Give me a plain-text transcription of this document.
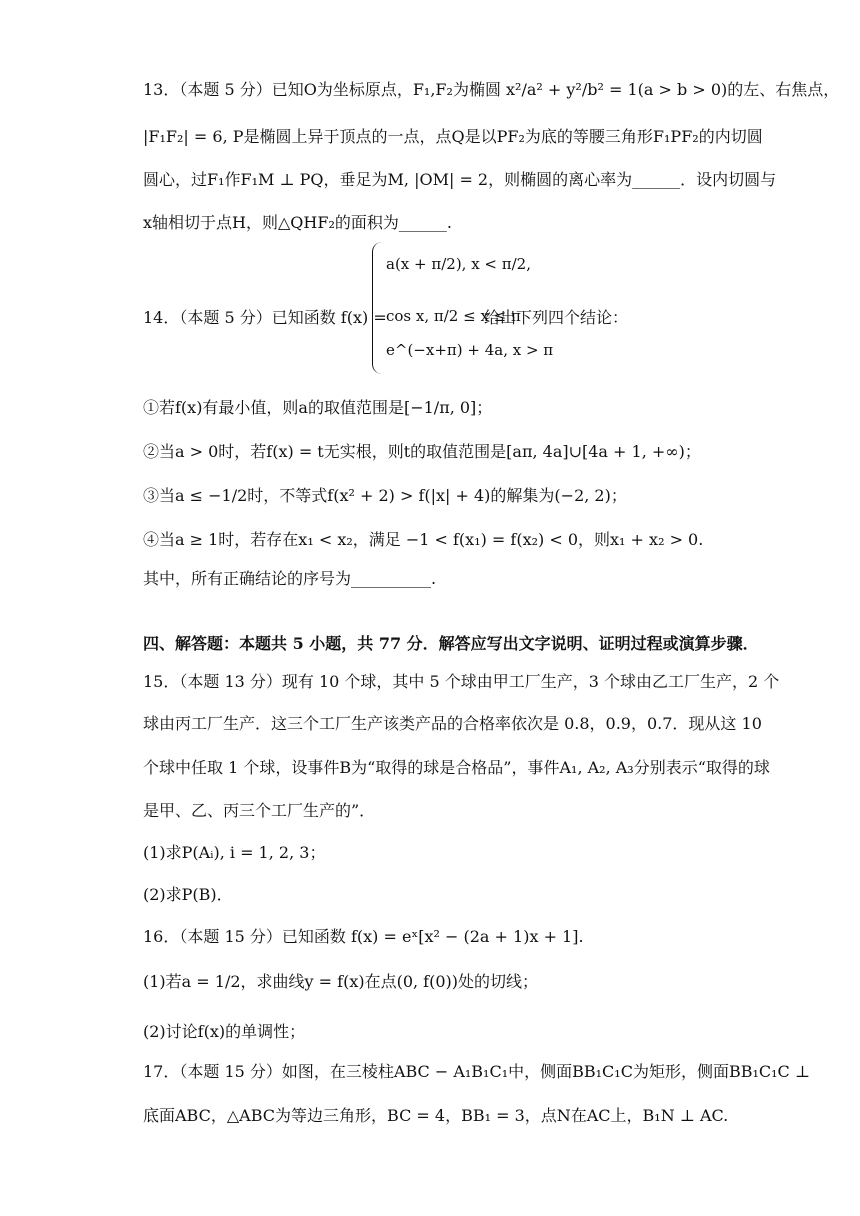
13．（本题 5 分）已知O为坐标原点，F₁,F₂为椭圆 x²/a² + y²/b² = 1(a > b > 0)的左、右焦点，
|F₁F₂| = 6, P是椭圆上异于顶点的一点，点Q是以PF₂为底的等腰三角形F₁PF₂的内切圆
圆心，过F₁作F₁M ⊥ PQ，垂足为M, |OM| = 2，则椭圆的离心率为______．设内切圆与
x轴相切于点H，则△QHF₂的面积为______.
14．（本题 5 分）已知函数 f(x) =
a(x + π/2), x < π/2,
cos x, π/2 ≤ x ≤ π
e^(−x+π) + 4a, x > π
给出下列四个结论：
①若f(x)有最小值，则a的取值范围是[−1/π, 0]；
②当a > 0时，若f(x) = t无实根，则t的取值范围是[aπ, 4a]∪[4a + 1, +∞)；
③当a ≤ −1/2时，不等式f(x² + 2) > f(|x| + 4)的解集为(−2, 2)；
④当a ≥ 1时，若存在x₁ < x₂，满足 −1 < f(x₁) = f(x₂) < 0，则x₁ + x₂ > 0.
其中，所有正确结论的序号为__________.
四、解答题：本题共 5 小题，共 77 分．解答应写出文字说明、证明过程或演算步骤．
15．（本题 13 分）现有 10 个球，其中 5 个球由甲工厂生产，3 个球由乙工厂生产，2 个
球由丙工厂生产．这三个工厂生产该类产品的合格率依次是 0.8，0.9，0.7．现从这 10
个球中任取 1 个球，设事件B为“取得的球是合格品”，事件A₁, A₂, A₃分别表示“取得的球
是甲、乙、丙三个工厂生产的”．
(1)求P(Aᵢ), i = 1, 2, 3；
(2)求P(B)．
16．（本题 15 分）已知函数 f(x) = eˣ[x² − (2a + 1)x + 1].
(1)若a = 1/2，求曲线y = f(x)在点(0, f(0))处的切线；
(2)讨论f(x)的单调性；
17．（本题 15 分）如图，在三棱柱ABC − A₁B₁C₁中，侧面BB₁C₁C为矩形，侧面BB₁C₁C ⊥
底面ABC，△ABC为等边三角形，BC = 4，BB₁ = 3，点N在AC上，B₁N ⊥ AC.
